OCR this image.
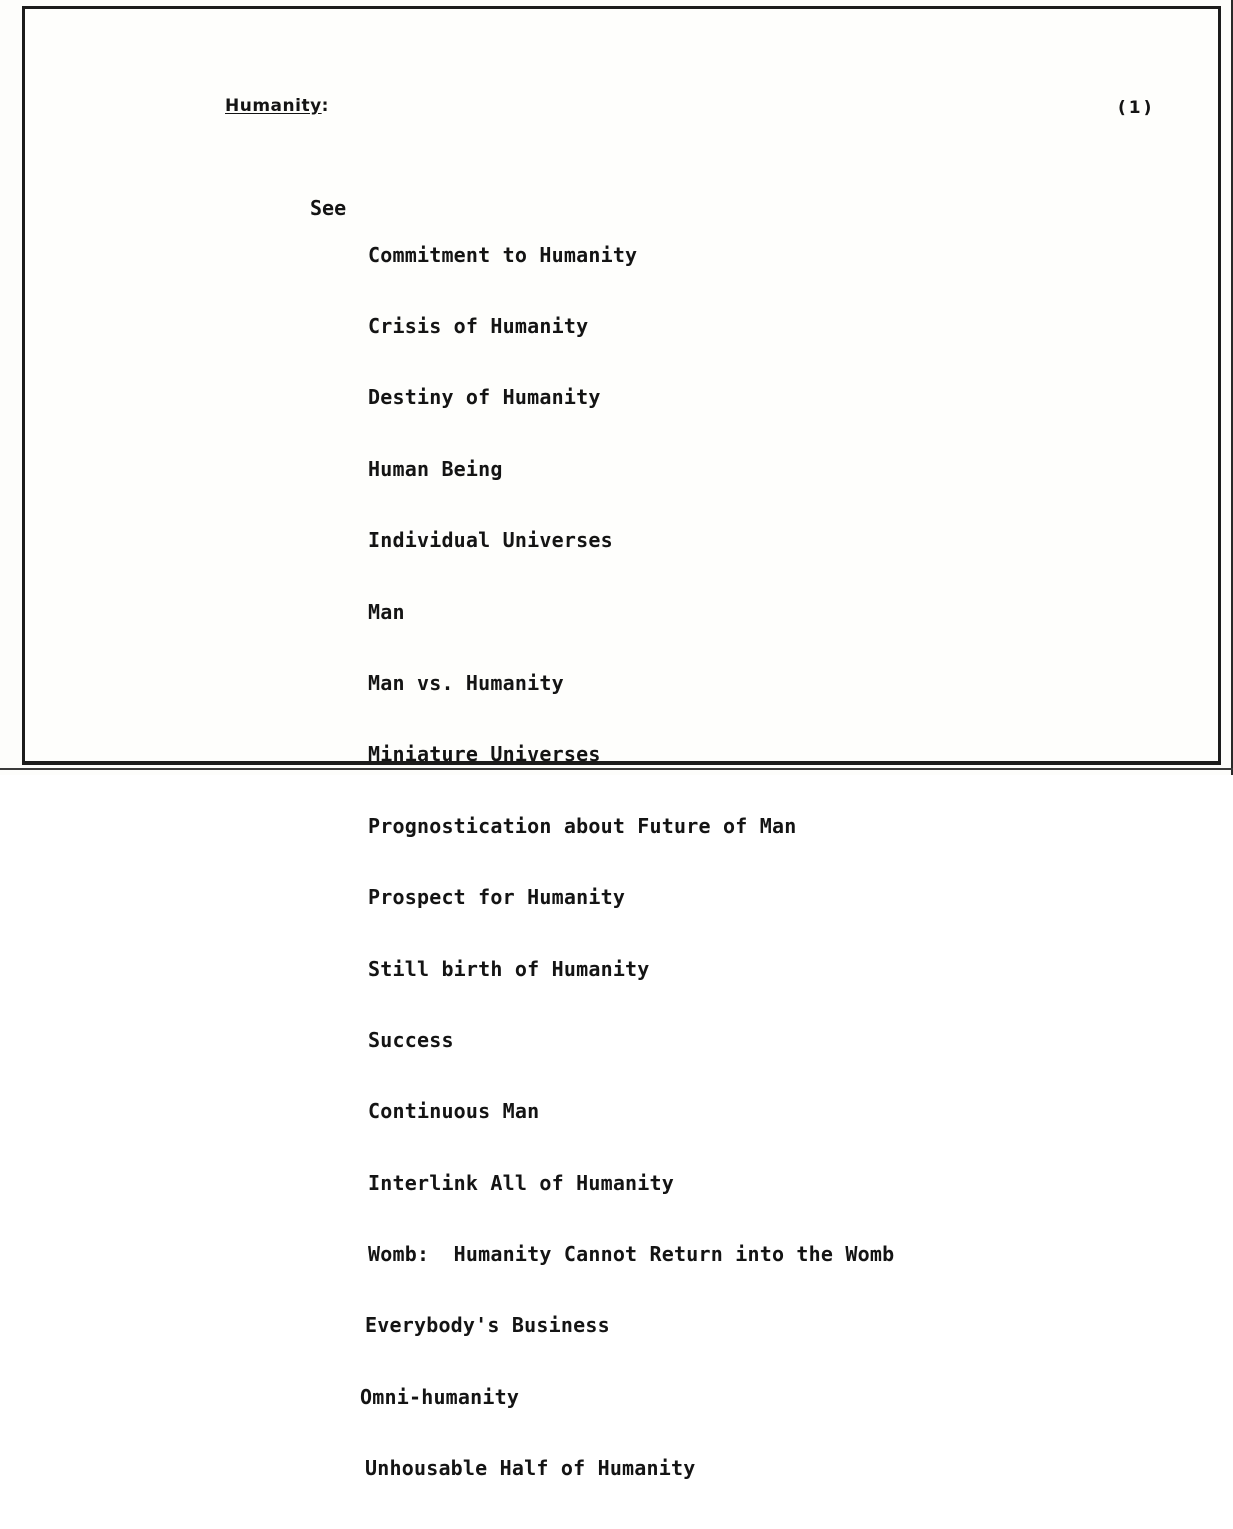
Humanity:	(1)
See

Commitment to Humanity

Crisis of Humanity

Destiny of Humanity

Human Being

Individual Universes

Man

Man vs. Humanity

Miniature Universes

Prognostication about Future of Man

Prospect for Humanity

Still birth of Humanity

Success

Continuous Man

Interlink All of Humanity

Womb:  Humanity Cannot Return into the Womb

Everybody's Business

Omni-humanity

Unhousable Half of Humanity
